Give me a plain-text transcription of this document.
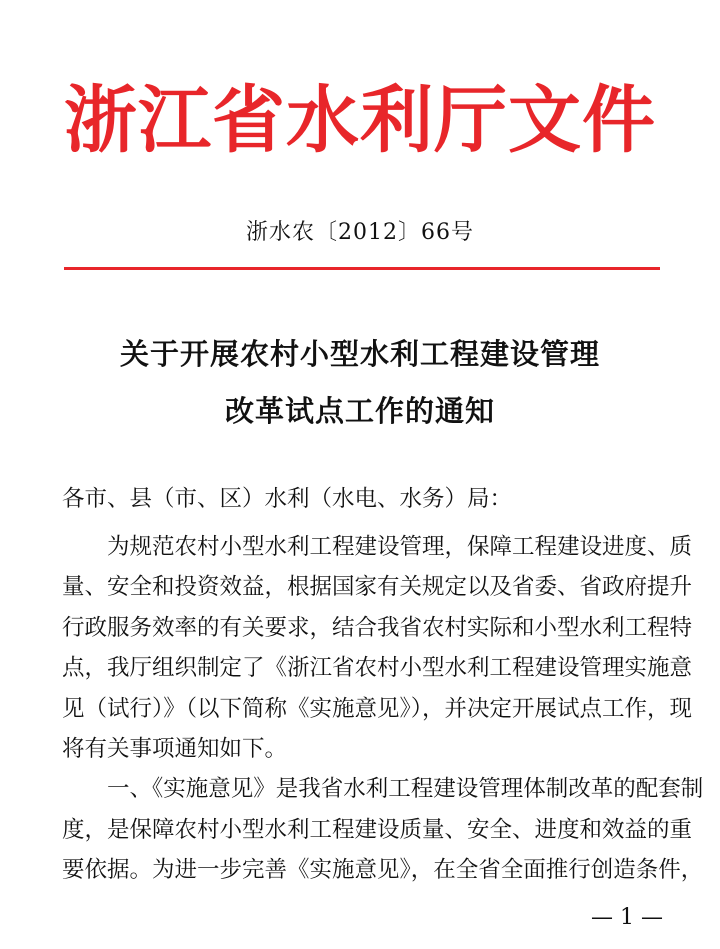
浙江省水利厅文件
浙水农〔2012〕66号
关于开展农村小型水利工程建设管理
改革试点工作的通知
各市、县（市、区）水利（水电、水务）局：
为规范农村小型水利工程建设管理，保障工程建设进度、质
量、安全和投资效益，根据国家有关规定以及省委、省政府提升
行政服务效率的有关要求，结合我省农村实际和小型水利工程特
点，我厅组织制定了《浙江省农村小型水利工程建设管理实施意
见（试行）》（以下简称《实施意见》），并决定开展试点工作，现
将有关事项通知如下。
一、《实施意见》是我省水利工程建设管理体制改革的配套制
度，是保障农村小型水利工程建设质量、安全、进度和效益的重
要依据。为进一步完善《实施意见》，在全省全面推行创造条件，
— 1 —
